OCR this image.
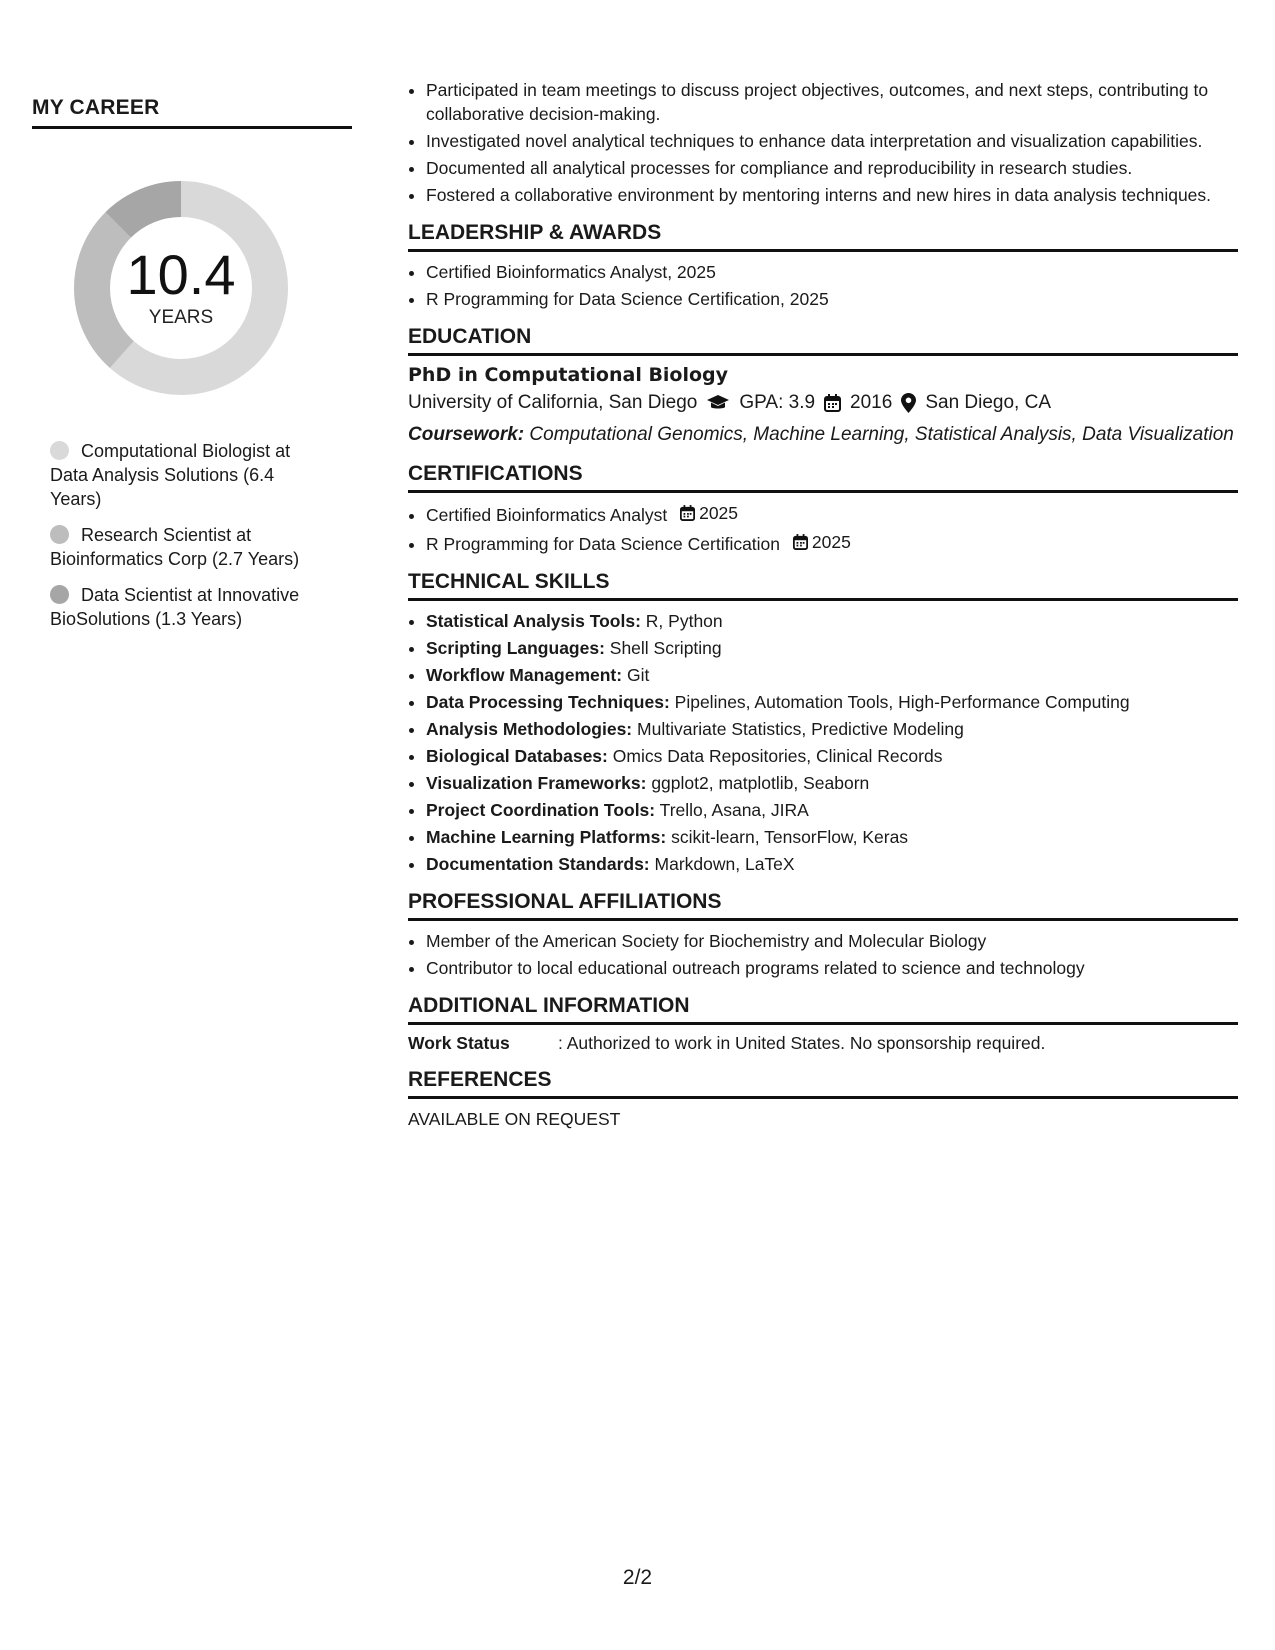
MY CAREER
10.4
YEARS
Computational Biologist at Data Analysis Solutions (6.4 Years)
Research Scientist at Bioinformatics Corp (2.7 Years)
Data Scientist at Innovative BioSolutions (1.3 Years)
• Participated in team meetings to discuss project objectives, outcomes, and next steps, contributing to collaborative decision-making.
• Investigated novel analytical techniques to enhance data interpretation and visualization capabilities.
• Documented all analytical processes for compliance and reproducibility in research studies.
• Fostered a collaborative environment by mentoring interns and new hires in data analysis techniques.
LEADERSHIP & AWARDS
• Certified Bioinformatics Analyst, 2025
• R Programming for Data Science Certification, 2025
EDUCATION
PhD in Computational Biology
University of California, San Diego GPA: 3.9 2016 San Diego, CA
Coursework: Computational Genomics, Machine Learning, Statistical Analysis, Data Visualization
CERTIFICATIONS
• Certified Bioinformatics Analyst 2025
• R Programming for Data Science Certification 2025
TECHNICAL SKILLS
• Statistical Analysis Tools: R, Python
• Scripting Languages: Shell Scripting
• Workflow Management: Git
• Data Processing Techniques: Pipelines, Automation Tools, High-Performance Computing
• Analysis Methodologies: Multivariate Statistics, Predictive Modeling
• Biological Databases: Omics Data Repositories, Clinical Records
• Visualization Frameworks: ggplot2, matplotlib, Seaborn
• Project Coordination Tools: Trello, Asana, JIRA
• Machine Learning Platforms: scikit-learn, TensorFlow, Keras
• Documentation Standards: Markdown, LaTeX
PROFESSIONAL AFFILIATIONS
• Member of the American Society for Biochemistry and Molecular Biology
• Contributor to local educational outreach programs related to science and technology
ADDITIONAL INFORMATION
Work Status	: Authorized to work in United States. No sponsorship required.
REFERENCES
AVAILABLE ON REQUEST
2/2
